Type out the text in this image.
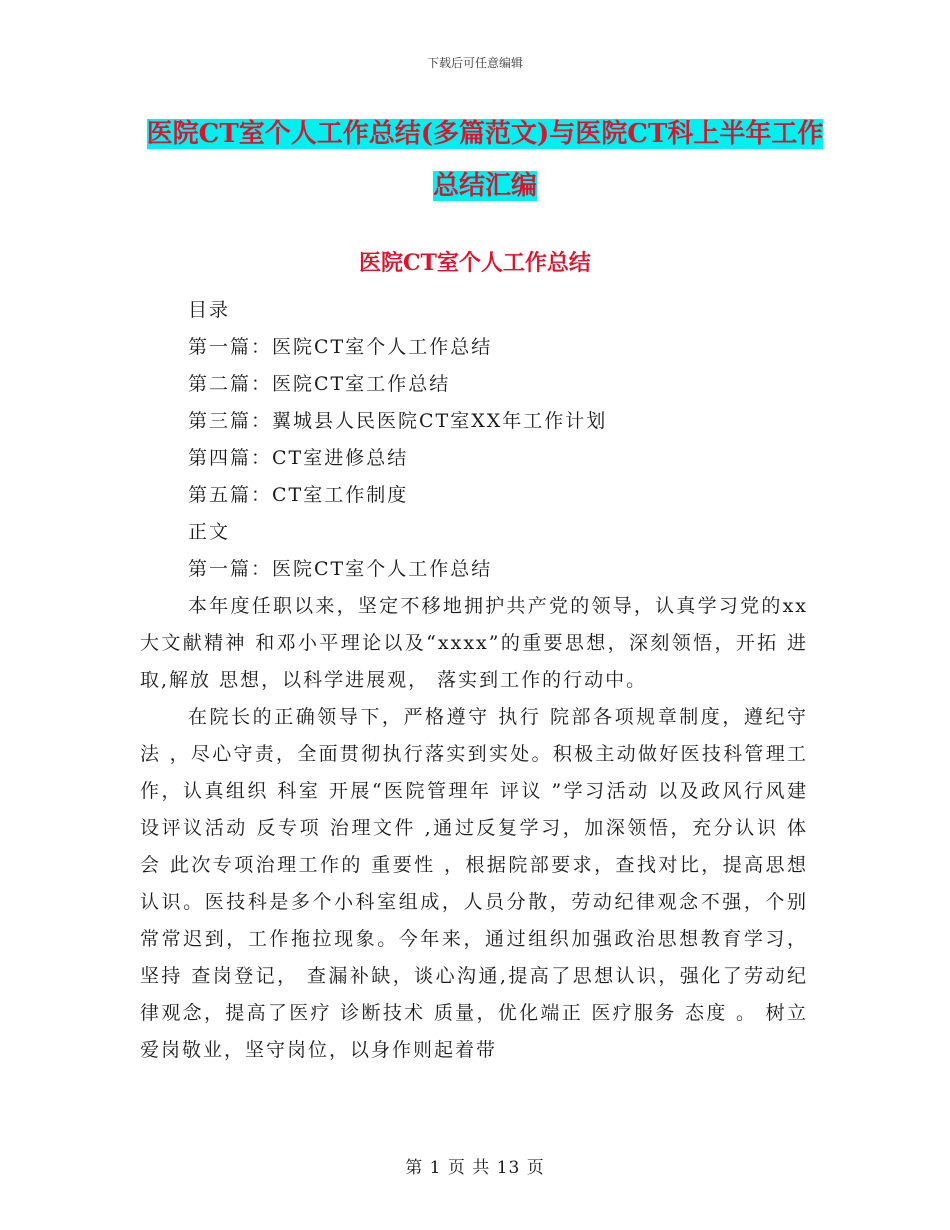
下载后可任意编辑
医院CT室个人工作总结(多篇范文)与医院CT科上半年工作总结汇编
医院CT室个人工作总结
目录
第一篇：医院CT室个人工作总结
第二篇：医院CT室工作总结
第三篇：翼城县人民医院CT室XX年工作计划
第四篇：CT室进修总结
第五篇：CT室工作制度
正文
第一篇：医院CT室个人工作总结

本年度任职以来，坚定不移地拥护共产党的领导，认真学习党的xx大文献精神 和邓小平理论以及“xxxx”的重要思想，深刻领悟，开拓 进取,解放 思想，以科学进展观， 落实到工作的行动中。

在院长的正确领导下，严格遵守 执行 院部各项规章制度，遵纪守法 ，尽心守责，全面贯彻执行落实到实处。积极主动做好医技科管理工作，认真组织 科室 开展“医院管理年 评议 ”学习活动 以及政风行风建设评议活动 反专项 治理文件 ,通过反复学习，加深领悟，充分认识 体会 此次专项治理工作的 重要性 ，根据院部要求，查找对比，提高思想认识。医技科是多个小科室组成，人员分散，劳动纪律观念不强，个别常常迟到，工作拖拉现象。今年来，通过组织加强政治思想教育学习， 坚持 查岗登记， 查漏补缺，谈心沟通,提高了思想认识，强化了劳动纪律观念，提高了医疗 诊断技术 质量，优化端正 医疗服务 态度 。 树立 爱岗敬业，坚守岗位，以身作则起着带

第 1 页 共 13 页
